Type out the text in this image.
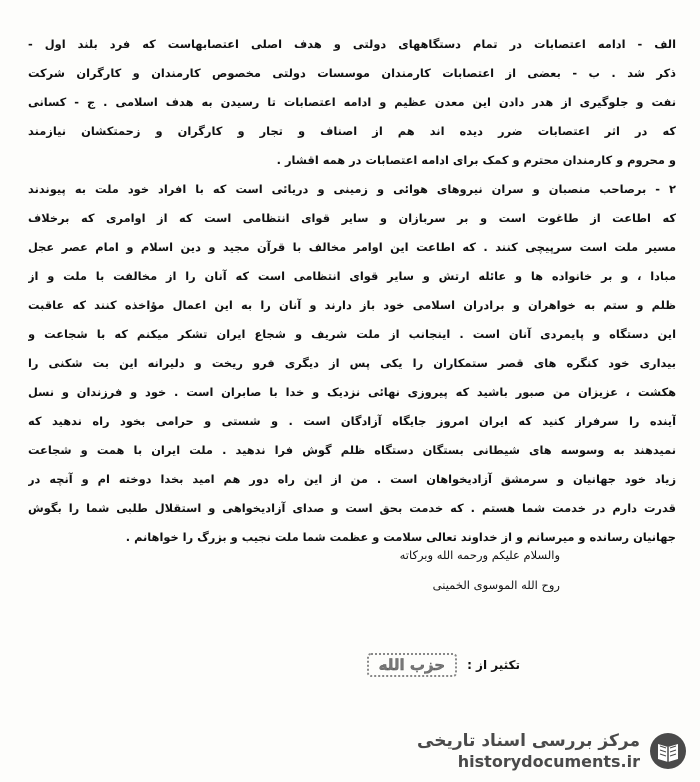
الف - ادامه اعتصابات در تمام دستگاههای دولتی و هدف اصلی اعتصابهاست که فرد بلند اول -

ذکر شد . ب - بعضی از اعتصابات کارمندان موسسات دولتی مخصوص کارمندان و کارگران شرکت

نفت و جلوگیری از هدر دادن این معدن عظیم و ادامه اعتصابات تا رسیدن به هدف اسلامی . ج - کسانی

که در اثر اعتصابات ضرر دیده اند هم از اصناف و تجار و کارگران و زحمتکشان نیازمند

و محروم و کارمندان محترم و کمک برای ادامه اعتصابات در همه اقشار .

۲ - برصاحب منصبان و سران نیروهای هوائی و زمینی و دریائی است که با افراد خود ملت به پیوندند

که اطاعت از طاغوت است و بر سربازان و سایر قوای انتظامی است که از اوامری که برخلاف

مسیر ملت است سرپیچی کنند . که اطاعت این اوامر مخالف با قرآن مجید و دین اسلام و امام عصر عجل

مبادا ، و بر خانواده ها و عائله ارتش و سایر قوای انتظامی است که آنان را از مخالفت با ملت و از

ظلم و ستم به خواهران و برادران اسلامی خود باز دارند و آنان را به این اعمال مؤاخذه کنند که عاقبت

این دستگاه و پایمردی آنان است . اینجانب از ملت شریف و شجاع ایران تشکر میکنم که با شجاعت و

بیداری خود کنگره های قصر ستمکاران را یکی پس از دیگری فرو ریخت و دلیرانه این بت شکنی را

هکشت ، عزیزان من صبور باشید که پیروزی نهائی نزدیک و خدا با صابران است . خود و فرزندان و نسل

آینده را سرفراز کنید که ایران امروز جایگاه آزادگان است . و شستی و حرامی بخود راه ندهید که

نمیدهند به وسوسه های شیطانی بستگان دستگاه ظلم گوش فرا ندهید . ملت ایران با همت و شجاعت

زیاد خود جهانیان و سرمشق آزادیخواهان است . من از این راه دور هم امید بخدا دوخته ام و آنچه در

قدرت دارم در خدمت شما هستم . که خدمت بحق است و صدای آزادیخواهی و استقلال طلبی شما را بگوش

جهانیان رسانده و میرسانم و از خداوند تعالی سلامت و عظمت شما ملت نجیب و بزرگ را خواهانم .

والسلام علیکم ورحمه الله وبرکاته
روح الله الموسوی الخمینی
تکثیر از :
حزب الله
مرکز بررسی اسناد تاریخی
historydocuments.ir
